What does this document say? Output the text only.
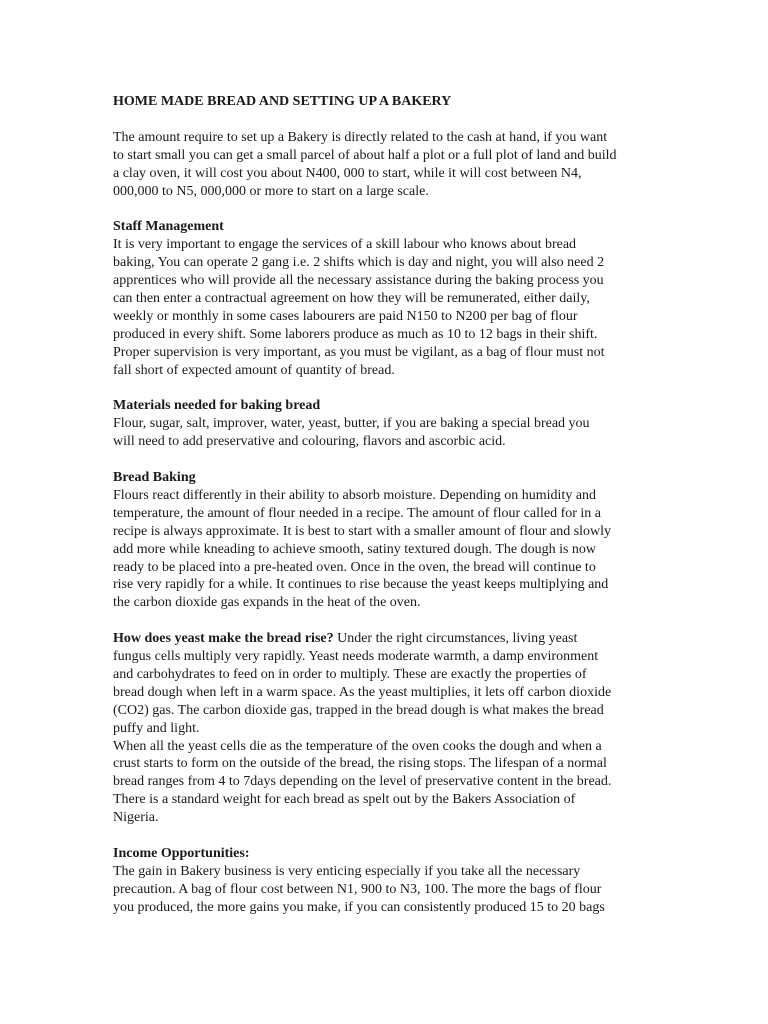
HOME MADE BREAD AND SETTING UP A BAKERY
The amount require to set up a Bakery is directly related to the cash at hand, if you want
to start small you can get a small parcel of about half a plot or a full plot of land and build
a clay oven, it will cost you about N400, 000 to start, while it will cost between N4,
000,000 to N5, 000,000 or more to start on a large scale.
Staff Management
It is very important to engage the services of a skill labour who knows about bread
baking, You can operate 2 gang i.e. 2 shifts which is day and night, you will also need 2
apprentices who will provide all the necessary assistance during the baking process you
can then enter a contractual agreement on how they will be remunerated, either daily,
weekly or monthly in some cases labourers are paid N150 to N200 per bag of flour
produced in every shift. Some laborers produce as much as 10 to 12 bags in their shift.
Proper supervision is very important, as you must be vigilant, as a bag of flour must not
fall short of expected amount of quantity of bread.
Materials needed for baking bread
Flour, sugar, salt, improver, water, yeast, butter, if you are baking a special bread you
will need to add preservative and colouring, flavors and ascorbic acid.
Bread Baking
Flours react differently in their ability to absorb moisture. Depending on humidity and
temperature, the amount of flour needed in a recipe. The amount of flour called for in a
recipe is always approximate. It is best to start with a smaller amount of flour and slowly
add more while kneading to achieve smooth, satiny textured dough. The dough is now
ready to be placed into a pre-heated oven. Once in the oven, the bread will continue to
rise very rapidly for a while. It continues to rise because the yeast keeps multiplying and
the carbon dioxide gas expands in the heat of the oven.
How does yeast make the bread rise? Under the right circumstances, living yeast
fungus cells multiply very rapidly. Yeast needs moderate warmth, a damp environment
and carbohydrates to feed on in order to multiply. These are exactly the properties of
bread dough when left in a warm space. As the yeast multiplies, it lets off carbon dioxide
(CO2) gas. The carbon dioxide gas, trapped in the bread dough is what makes the bread
puffy and light.
When all the yeast cells die as the temperature of the oven cooks the dough and when a
crust starts to form on the outside of the bread, the rising stops. The lifespan of a normal
bread ranges from 4 to 7days depending on the level of preservative content in the bread.
There is a standard weight for each bread as spelt out by the Bakers Association of
Nigeria.
Income Opportunities:
The gain in Bakery business is very enticing especially if you take all the necessary
precaution. A bag of flour cost between N1, 900 to N3, 100. The more the bags of flour
you produced, the more gains you make, if you can consistently produced 15 to 20 bags
